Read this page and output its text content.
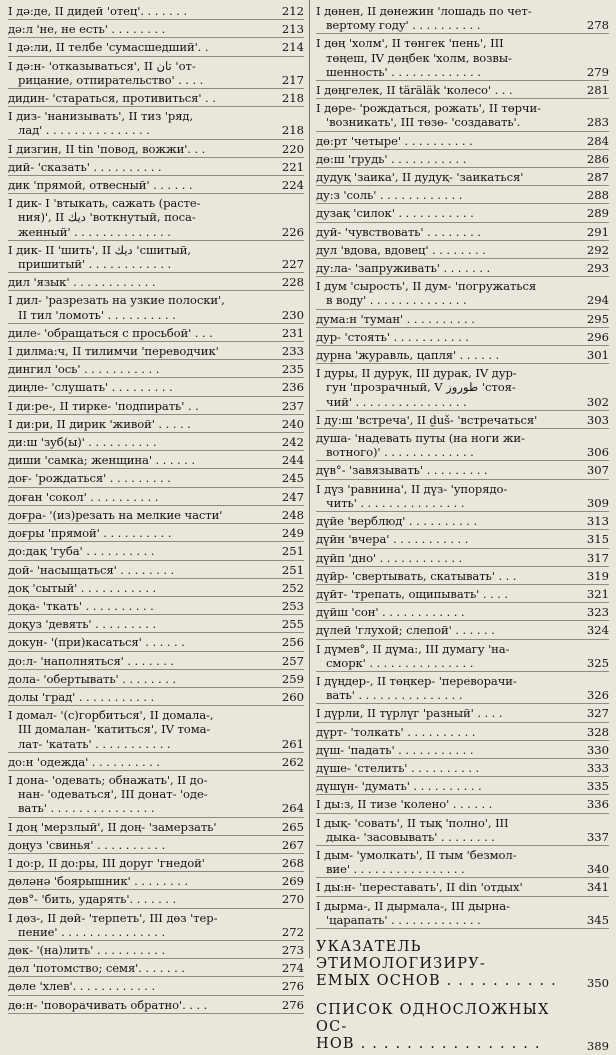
I дә:де, II дидей 'отец'. . . . . . .	212
дә:л 'не, не есть' . . . . . . . .	213
I дә:ли, II телбе 'сумасшедший'. .	214
I дә:н- 'отказываться', II تان 'от-
рицание, отпирательство' . . . .	217
дидин- 'стараться, противиться' . .	218
I диз- 'нанизывать', II тиз 'ряд,
лад' . . . . . . . . . . . . . . .	218
I дизгин, II tin 'повод, вожжи'. . .	220
дий- 'сказать' . . . . . . . . . .	221
дик 'прямой, отвесный' . . . . . .	224
I дик- I 'втыкать, сажать (расте-
ния)', II دیك 'воткнутый, поса-
женный' . . . . . . . . . . . . . .	226
I дик- II 'шить', II دیك 'сшитый,
пришитый' . . . . . . . . . . . .	227
дил 'язык' . . . . . . . . . . . .	228
I дил- 'разрезать на узкие полоски',
II тил 'ломоть' . . . . . . . . . .	230
диле- 'обращаться с просьбой' . . .	231
I дилма:ч, II тилимчи 'переводчик'	233
дингил 'ось' . . . . . . . . . . .	235
диңле- 'слушать' . . . . . . . . .	236
I ди:ре-, II тирке- 'подпирать' . .	237
I ди:ри, II дирик 'живой' . . . . .	240
ди:ш 'зуб(ы)' . . . . . . . . . .	242
диши 'самка; женщина' . . . . . .	244
доғ- 'рождаться' . . . . . . . . .	245
доған 'сокол' . . . . . . . . . .	247
доғра- '(из)резать на мелкие части'	248
доғры 'прямой' . . . . . . . . . .	249
до:дақ 'губа' . . . . . . . . . .	251
дой- 'насыщаться' . . . . . . . .	251
доқ 'сытый' . . . . . . . . . . .	252
доқа- 'ткать' . . . . . . . . . .	253
доқуз 'девять' . . . . . . . . .	255
докун- '(при)касаться' . . . . . .	256
до:л- 'наполняться' . . . . . . .	257
дола- 'обертывать' . . . . . . . .	259
долы 'град' . . . . . . . . . . .	260
I домал- '(с)горбиться', II домала-,
III домалан- 'катиться', IV тома-
лат- 'катать' . . . . . . . . . . .	261
до:н 'одежда' . . . . . . . . . .	262
I дона- 'одевать; обнажать', II до-
нан- 'одеваться', III донат- 'оде-
вать' . . . . . . . . . . . . . . .	264
I доң 'мерзлый', II доң- 'замерзать'	265
доңуз 'свинья' . . . . . . . . . .	267
I до:р, II до:ры, III доруг 'гнедой'	268
дөләнә 'боярышник' . . . . . . . .	269
дөв°- 'бить, ударять'. . . . . . .	270
I дөз-, II дөй- 'терпеть', III дөз 'тер-
пение' . . . . . . . . . . . . . . .	272
дөк- '(на)лить' . . . . . . . . . .	273
дөл 'потомство; семя'. . . . . . .	274
дөле 'хлев'. . . . . . . . . . . .	276
дө:н- 'поворачивать обратно'. . . .	276
I дөнен, II дөнежин 'лошадь по чет-
вертому году' . . . . . . . . . .	278
I дөң 'холм', II төнгек 'пень', III
төңеш, IV дөңбек 'холм, возвы-
шенность' . . . . . . . . . . . . .	279
I дөңгелек, II täräläk 'колесо' . . .	281
I дөре- 'рождаться, рожать', II төрчи-
'возникать', III төзө- 'создавать'.	283
дө:рт 'четыре' . . . . . . . . . .	284
дө:ш 'грудь' . . . . . . . . . . .	286
дудуқ 'заика', II дудуқ- 'заикаться'	287
ду:з 'соль' . . . . . . . . . . . .	288
дузақ 'силок' . . . . . . . . . . .	289
дуй- 'чувствовать' . . . . . . . .	291
дул 'вдова, вдовец' . . . . . . . .	292
ду:ла- 'запруживать' . . . . . . .	293
I дум 'сырость', II дум- 'погружаться
в воду' . . . . . . . . . . . . . .	294
дума:н 'туман' . . . . . . . . . .	295
дур- 'стоять' . . . . . . . . . . .	296
дурна 'журавль, цапля' . . . . . .	301
I дуры, II дурук, III дурак, IV дур-
гун 'прозрачный, V طوروز 'стоя-
чий' . . . . . . . . . . . . . . . .	302
I ду:ш 'встреча', II d̮uš- 'встречаться'	303
душа- 'надевать путы (на ноги жи-
вотного)' . . . . . . . . . . . . .	306
дүв°- 'завязывать' . . . . . . . . .	307
I дүз 'равнина', II дүз- 'упорядо-
чить' . . . . . . . . . . . . . . .	309
дүйе 'верблюд' . . . . . . . . . .	313
дүйн 'вчера' . . . . . . . . . . .	315
дүйп 'дно' . . . . . . . . . . . .	317
дүйр- 'свертывать, скатывать' . . .	319
дүйт- 'трепать, ощипывать' . . . .	321
дүйш 'сон' . . . . . . . . . . . .	323
дүлей 'глухой; слепой' . . . . . .	324
I дүмев°, II дүма:, III думагу 'на-
сморк' . . . . . . . . . . . . . . .	325
I дүңдер-, II төңкер- 'переворачи-
вать' . . . . . . . . . . . . . . .	326
I дүрли, II түрлүг 'разный' . . . .	327
дүрт- 'толкать' . . . . . . . . . .	328
дүш- 'падать' . . . . . . . . . . .	330
дүше- 'стелить' . . . . . . . . . .	333
дүшүн- 'думать' . . . . . . . . . .	335
I ды:з, II тизе 'колено' . . . . . .	336
I дық- 'совать', II тық 'полно', III
дыка- 'засовывать' . . . . . . . .	337
I дым- 'умолкать', II тым 'безмол-
вие' . . . . . . . . . . . . . . . .	340
I ды:н- 'переставать', II din 'отдых'	341
I дырма-, II дырмала-, III дырна-
'царапать' . . . . . . . . . . . . .	345
УКАЗАТЕЛЬ ЭТИМОЛОГИЗИРУ-
ЕМЫХ ОСНОВ . . . . . . . . . .	350
СПИСОК ОДНОСЛОЖНЫХ ОС-
НОВ . . . . . . . . . . . . . . . .	389
